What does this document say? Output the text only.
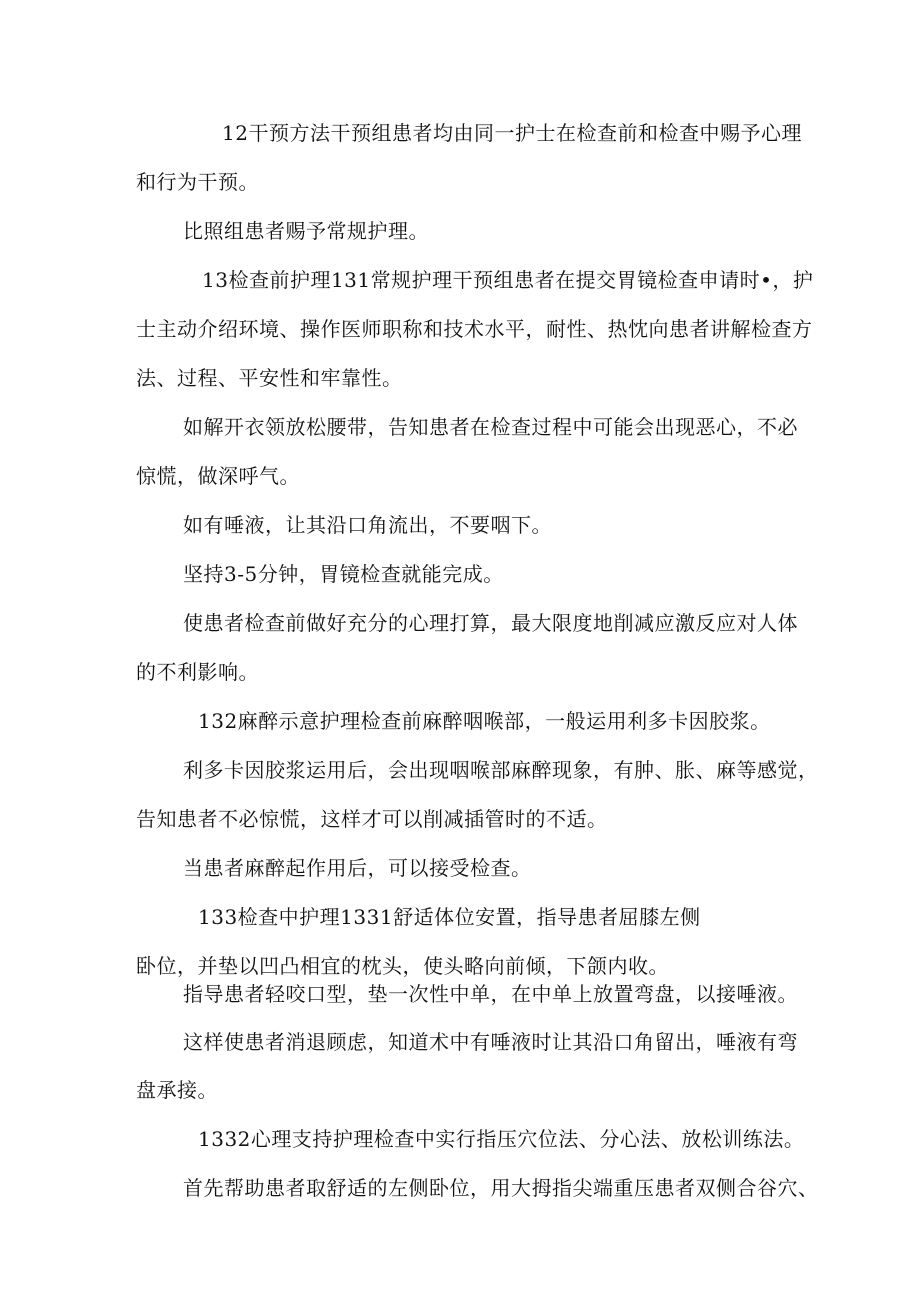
12干预方法干预组患者均由同一护士在检查前和检查中赐予心理
和行为干预。
比照组患者赐予常规护理。
13检查前护理131常规护理干预组患者在提交胃镜检查申请时•，护
士主动介绍环境、操作医师职称和技术水平，耐性、热忱向患者讲解检查方
法、过程、平安性和牢靠性。
如解开衣领放松腰带，告知患者在检查过程中可能会出现恶心，不必
惊慌，做深呼气。
如有唾液，让其沿口角流出，不要咽下。
坚持3-5分钟，胃镜检查就能完成。
使患者检查前做好充分的心理打算，最大限度地削减应激反应对人体
的不利影响。
132麻醉示意护理检查前麻醉咽喉部，一般运用利多卡因胶浆。
利多卡因胶浆运用后，会出现咽喉部麻醉现象，有肿、胀、麻等感觉，
告知患者不必惊慌，这样才可以削减插管时的不适。
当患者麻醉起作用后，可以接受检查。
133检查中护理1331舒适体位安置，指导患者屈膝左侧
卧位，并垫以凹凸相宜的枕头，使头略向前倾，下颌内收。
指导患者轻咬口型，垫一次性中单，在中单上放置弯盘，以接唾液。
这样使患者消退顾虑，知道术中有唾液时让其沿口角留出，唾液有弯
盘承接。
1332心理支持护理检查中实行指压穴位法、分心法、放松训练法。
首先帮助患者取舒适的左侧卧位，用大拇指尖端重压患者双侧合谷穴、
